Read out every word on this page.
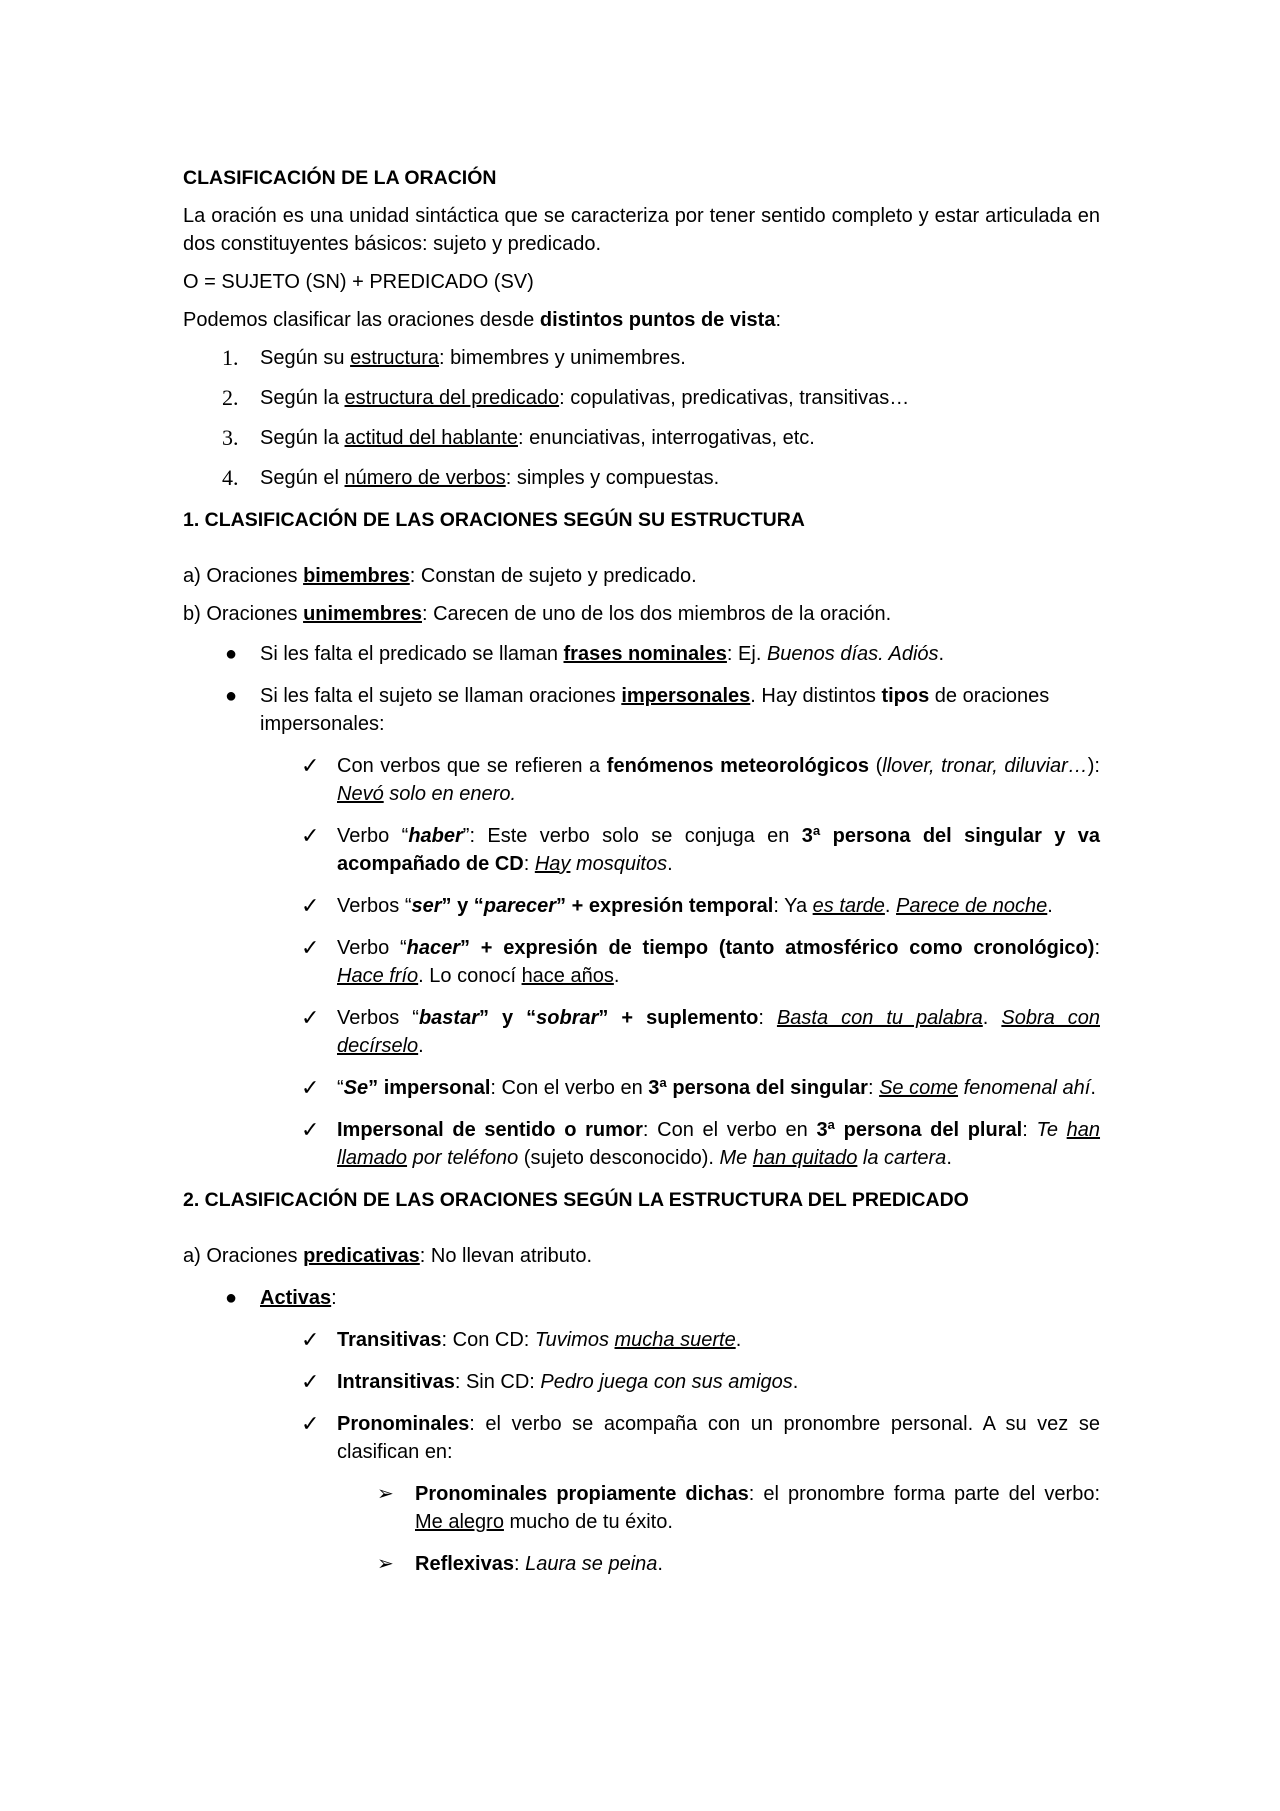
CLASIFICACIÓN DE LA ORACIÓN

La oración es una unidad sintáctica que se caracteriza por tener sentido completo y estar articulada en dos constituyentes básicos: sujeto y predicado.

O = SUJETO (SN) + PREDICADO (SV)

Podemos clasificar las oraciones desde distintos puntos de vista:

1. Según su estructura: bimembres y unimembres.

2. Según la estructura del predicado: copulativas, predicativas, transitivas…

3. Según la actitud del hablante: enunciativas, interrogativas, etc.

4. Según el número de verbos: simples y compuestas.

1. CLASIFICACIÓN DE LAS ORACIONES SEGÚN SU ESTRUCTURA

a) Oraciones bimembres: Constan de sujeto y predicado.

b) Oraciones unimembres: Carecen de uno de los dos miembros de la oración.

● Si les falta el predicado se llaman frases nominales: Ej. Buenos días. Adiós.

● Si les falta el sujeto se llaman oraciones impersonales. Hay distintos tipos de oraciones impersonales:

✓ Con verbos que se refieren a fenómenos meteorológicos (llover, tronar, diluviar…): Nevó solo en enero.

✓ Verbo “haber”: Este verbo solo se conjuga en 3ª persona del singular y va acompañado de CD: Hay mosquitos.

✓ Verbos “ser” y “parecer” + expresión temporal: Ya es tarde. Parece de noche.

✓ Verbo “hacer” + expresión de tiempo (tanto atmosférico como cronológico): Hace frío. Lo conocí hace años.

✓ Verbos “bastar” y “sobrar” + suplemento: Basta con tu palabra. Sobra con decírselo.

✓ “Se” impersonal: Con el verbo en 3ª persona del singular: Se come fenomenal ahí.

✓ Impersonal de sentido o rumor: Con el verbo en 3ª persona del plural: Te han llamado por teléfono (sujeto desconocido). Me han quitado la cartera.

2. CLASIFICACIÓN DE LAS ORACIONES SEGÚN LA ESTRUCTURA DEL PREDICADO

a) Oraciones predicativas: No llevan atributo.

● Activas:

✓ Transitivas: Con CD: Tuvimos mucha suerte.

✓ Intransitivas: Sin CD: Pedro juega con sus amigos.

✓ Pronominales: el verbo se acompaña con un pronombre personal. A su vez se clasifican en:

➢ Pronominales propiamente dichas: el pronombre forma parte del verbo: Me alegro mucho de tu éxito.

➢ Reflexivas: Laura se peina.
